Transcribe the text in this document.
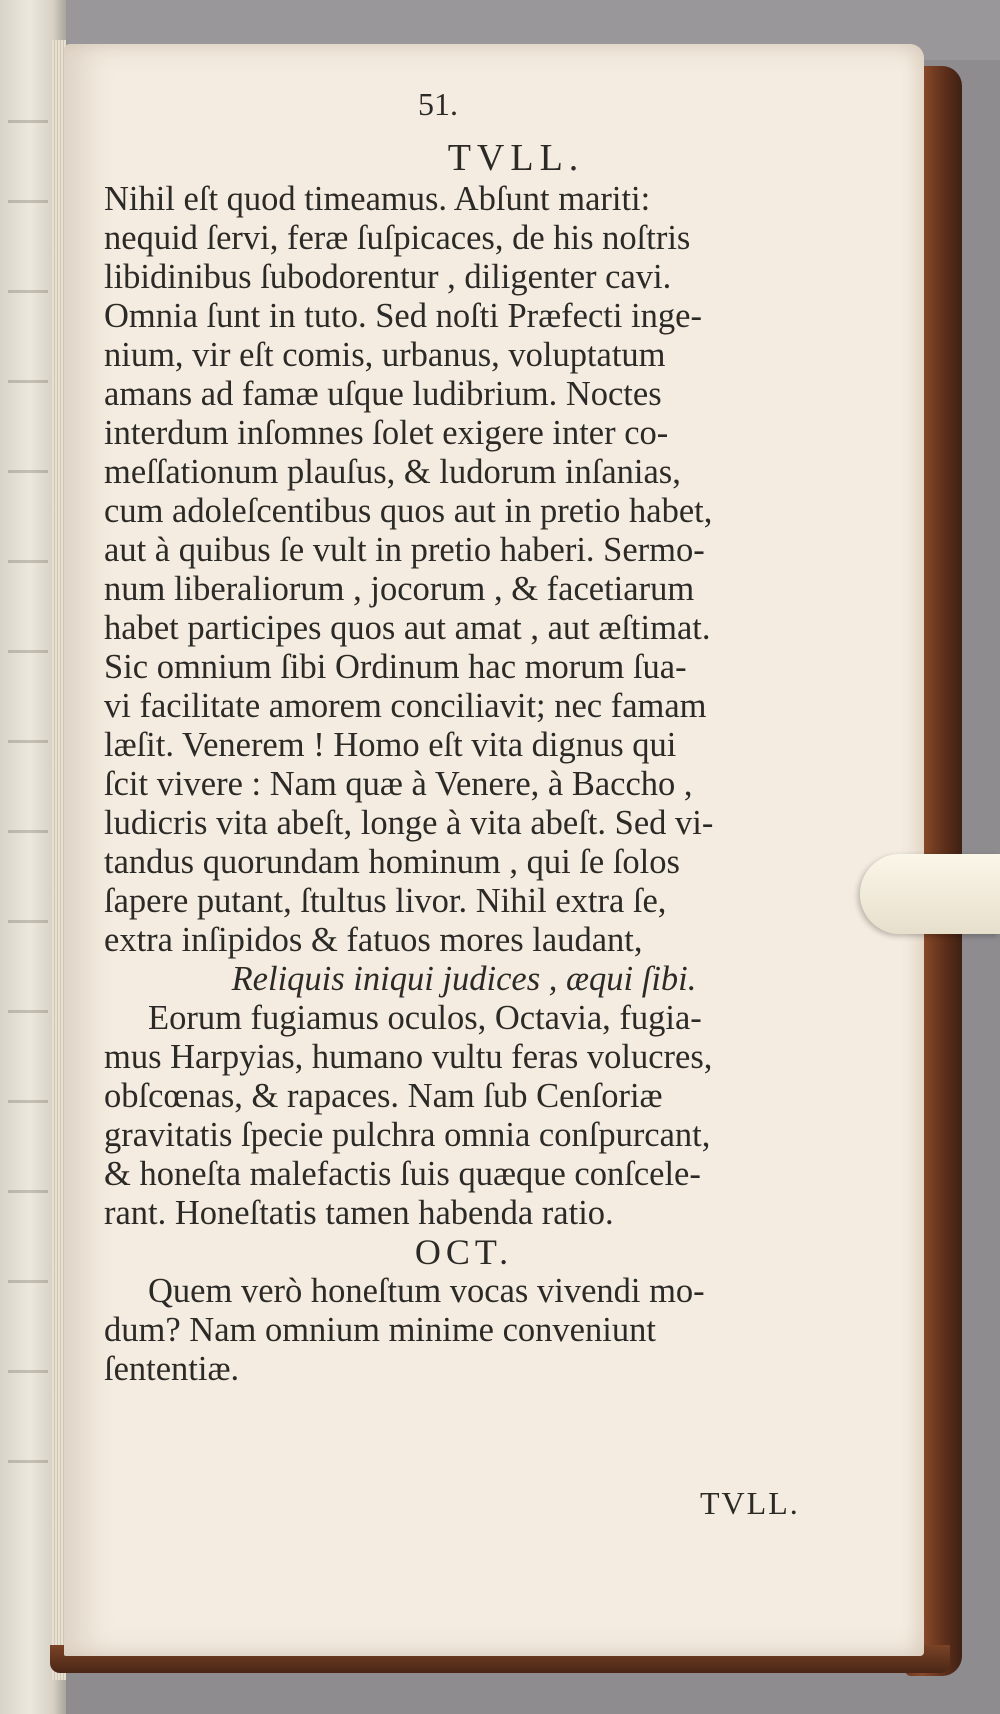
51.
TVLL.
Nihil eſt quod timeamus. Abſunt mariti:
nequid ſervi, feræ ſuſpicaces, de his noſtris
libidinibus ſubodorentur , diligenter cavi.
Omnia ſunt in tuto. Sed noſti Præfecti inge-
nium, vir eſt comis, urbanus, voluptatum
amans ad famæ uſque ludibrium. Noctes
interdum inſomnes ſolet exigere inter co-
meſſationum plauſus, & ludorum inſanias,
cum adoleſcentibus quos aut in pretio habet,
aut à quibus ſe vult in pretio haberi. Sermo-
num liberaliorum , jocorum , & facetiarum
habet participes quos aut amat , aut æſtimat.
Sic omnium ſibi Ordinum hac morum ſua-
vi facilitate amorem conciliavit; nec famam
læſit. Venerem ! Homo eſt vita dignus qui
ſcit vivere : Nam quæ à Venere, à Baccho ,
ludicris vita abeſt, longe à vita abeſt. Sed vi-
tandus quorundam hominum , qui ſe ſolos
ſapere putant, ſtultus livor. Nihil extra ſe,
extra inſipidos & fatuos mores laudant,
Reliquis iniqui judices , æqui ſibi.
Eorum fugiamus oculos, Octavia, fugia-
mus Harpyias, humano vultu feras volucres,
obſcœnas, & rapaces. Nam ſub Cenſoriæ
gravitatis ſpecie pulchra omnia conſpurcant,
& honeſta malefactis ſuis quæque conſcele-
rant. Honeſtatis tamen habenda ratio.
OCT.
Quem verò honeſtum vocas vivendi mo-
dum? Nam omnium minime conveniunt
ſententiæ.
TVLL.
